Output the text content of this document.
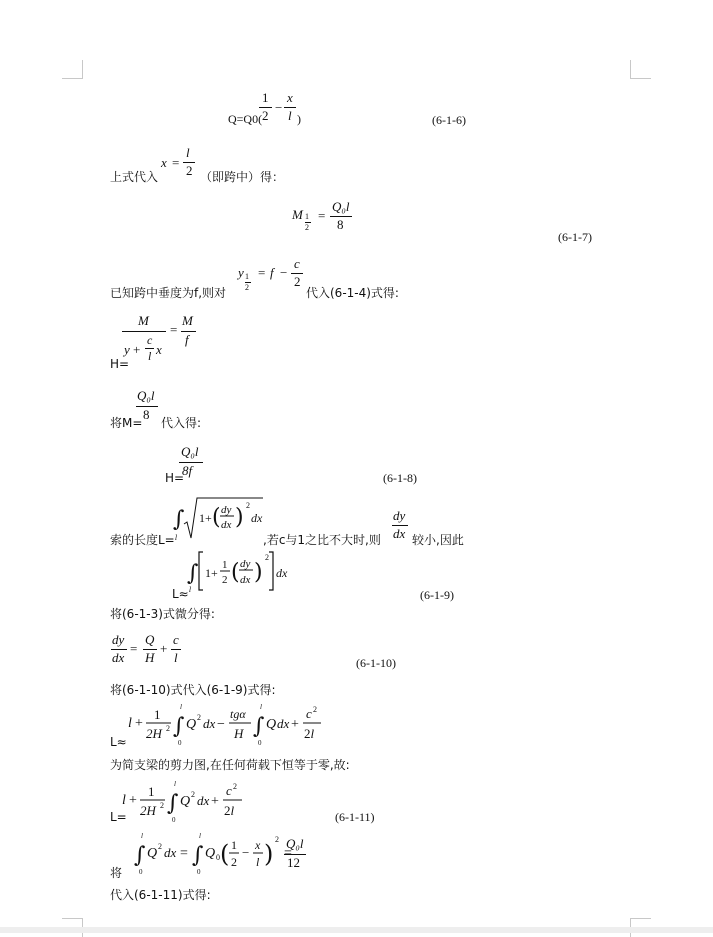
Q=Q0(
1
2
−
x
l )	(6-1-6)
上式代入
x =
l
2 （即跨中）得：
M 1
2
=
Q₀l
8
(6-1-7)
已知跨中垂度为f,则对
y 1
2
= f −
c
2
代入(6-1-4)式得:
M
y +
c
l x
=
M
f
H=
将M=
Q₀l
8
代入得:
Q₀l
8f
H=	(6-1-8)
索的长度L=
∫
l
1+ ( dy
dx ) 2
dx
,若c与1之比不大时,则
dy
dx 较小,因此
∫
l
1+
1
2 ( dy
dx )
2
dx
L≈	(6-1-9)
将(6-1-3)式微分得:
dy
dx
=
Q
H
+
c
l	(6-1-10)
将(6-1-10)式代入(6-1-9)式得:
l +
1
2H 2 ∫
l
0
Q 2 dx −
tgα
H ∫
l
0
Q dx +
c 2
2l
L≈
为简支梁的剪力图,在任何荷载下恒等于零,故:
l +
1
2H 2 ∫
l
0
Q 2 dx +
c 2
2l
L=	(6-1-11)
∫
l
0
Q 2 dx = ∫
l
0
Q 0 ( 1
2
− x
l )
2
=
Q₀l
12
将
代入(6-1-11)式得:
